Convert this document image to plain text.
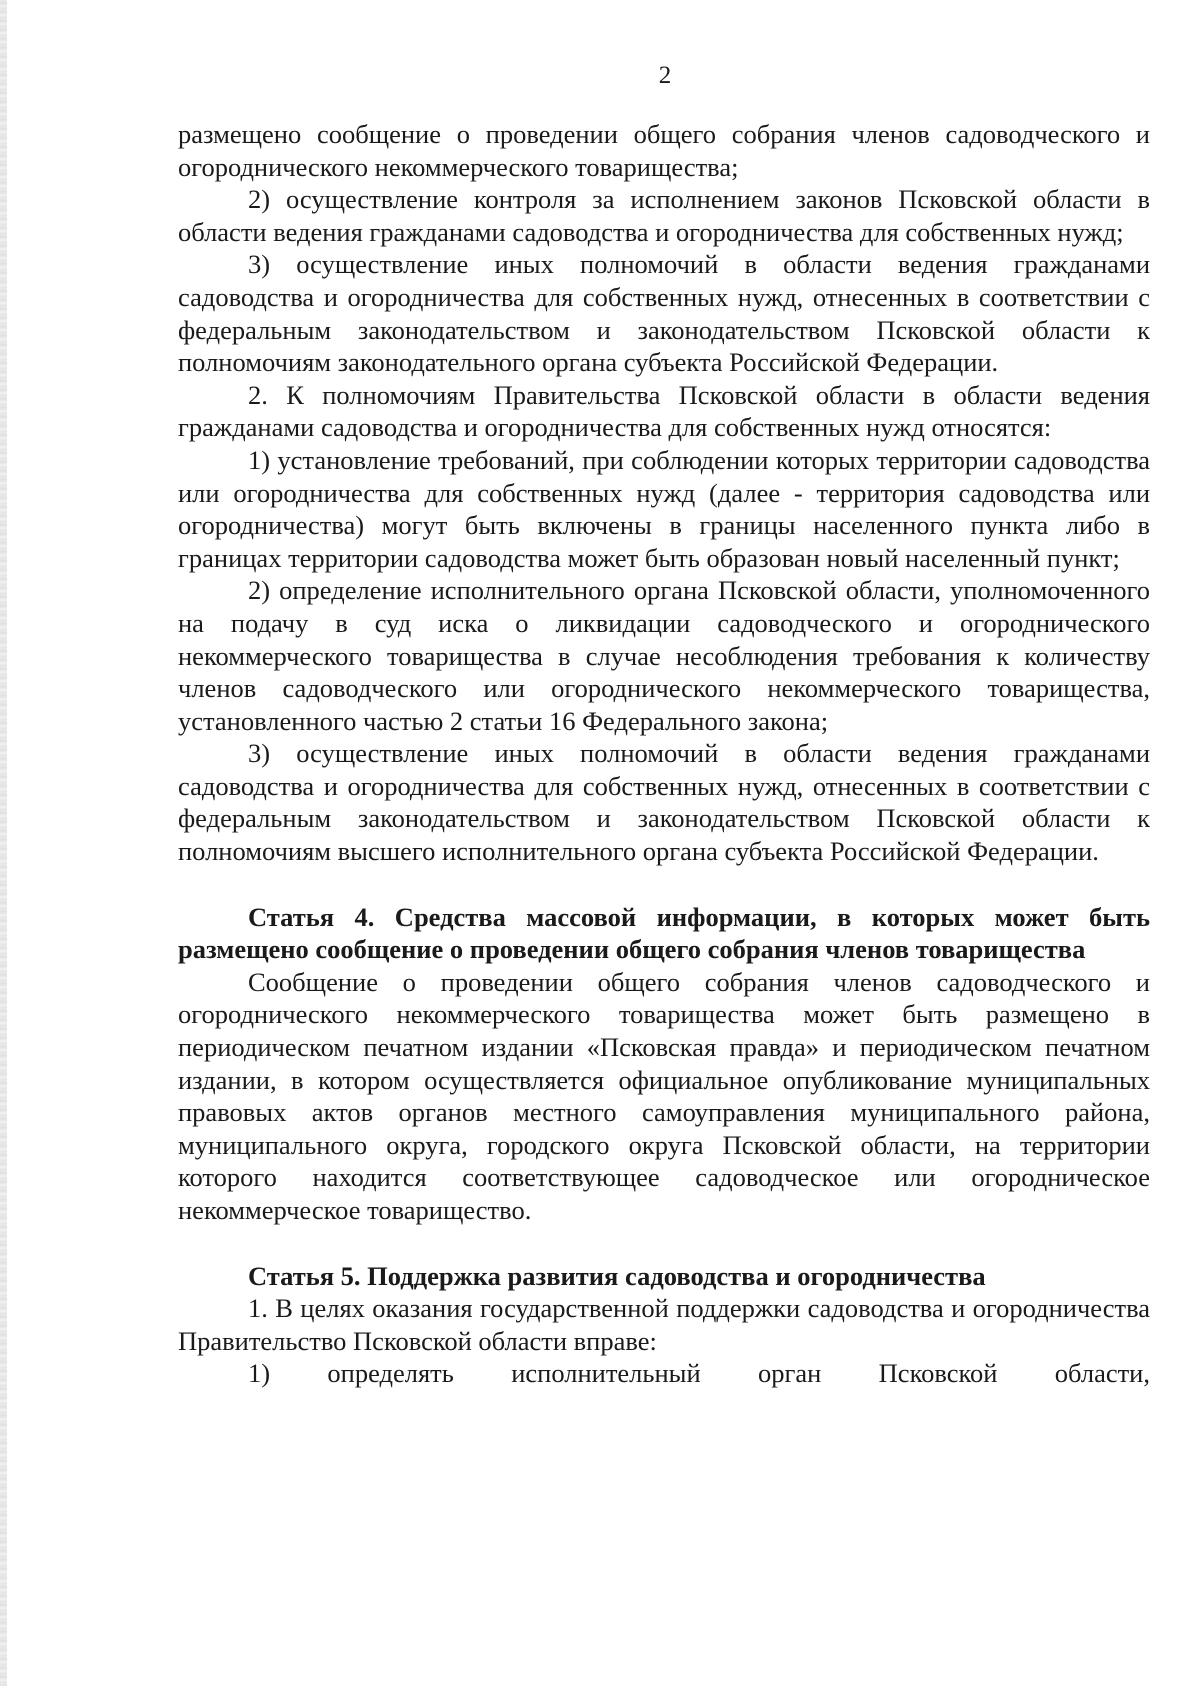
2

размещено сообщение о проведении общего собрания членов садоводческого и огороднического некоммерческого товарищества;

2) осуществление контроля за исполнением законов Псковской области в области ведения гражданами садоводства и огородничества для собственных нужд;

3) осуществление иных полномочий в области ведения гражданами садоводства и огородничества для собственных нужд, отнесенных в соответствии с федеральным законодательством и законодательством Псковской области к полномочиям законодательного органа субъекта Российской Федерации.

2. К полномочиям Правительства Псковской области в области ведения гражданами садоводства и огородничества для собственных нужд относятся:

1) установление требований, при соблюдении которых территории садоводства или огородничества для собственных нужд (далее - территория садоводства или огородничества) могут быть включены в границы населенного пункта либо в границах территории садоводства может быть образован новый населенный пункт;

2) определение исполнительного органа Псковской области, уполномоченного на подачу в суд иска о ликвидации садоводческого и огороднического некоммерческого товарищества в случае несоблюдения требования к количеству членов садоводческого или огороднического некоммерческого товарищества, установленного частью 2 статьи 16 Федерального закона;

3) осуществление иных полномочий в области ведения гражданами садоводства и огородничества для собственных нужд, отнесенных в соответствии с федеральным законодательством и законодательством Псковской области к полномочиям высшего исполнительного органа субъекта Российской Федерации.

Статья 4. Средства массовой информации, в которых может быть размещено сообщение о проведении общего собрания членов товарищества

Сообщение о проведении общего собрания членов садоводческого и огороднического некоммерческого товарищества может быть размещено в периодическом печатном издании «Псковская правда» и периодическом печатном издании, в котором осуществляется официальное опубликование муниципальных правовых актов органов местного самоуправления муниципального района, муниципального округа, городского округа Псковской области, на территории которого находится соответствующее садоводческое или огородническое некоммерческое товарищество.

Статья 5. Поддержка развития садоводства и огородничества

1. В целях оказания государственной поддержки садоводства и огородничества Правительство Псковской области вправе:

1) определять исполнительный орган Псковской области,
